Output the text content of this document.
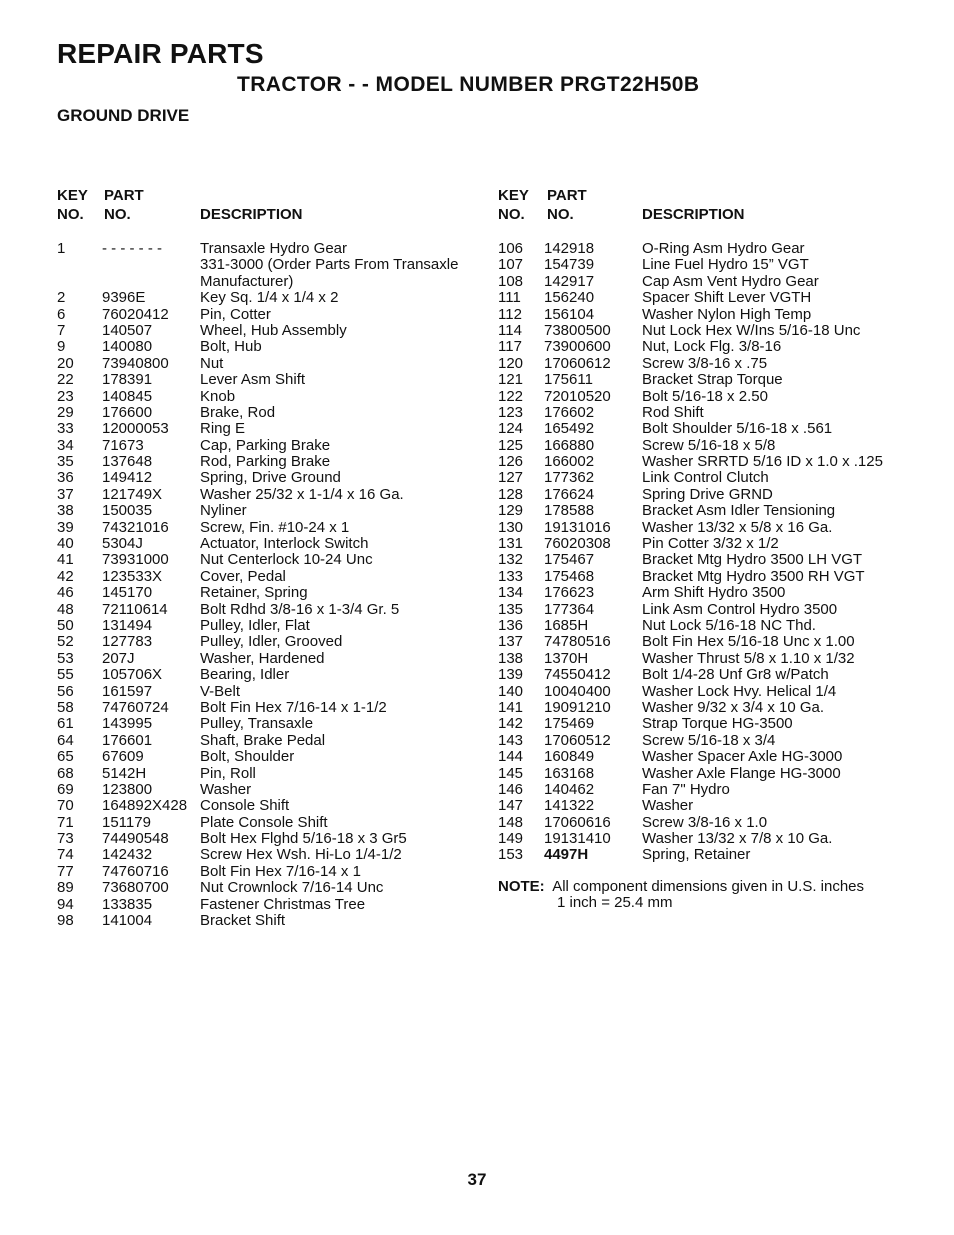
REPAIR PARTS
TRACTOR - - MODEL NUMBER PRGT22H50B
GROUND DRIVE
KEY
NO.
PART
NO.	DESCRIPTION
1 - - - - - - -	Transaxle Hydro Gear
331-3000 (Order Parts From Transaxle
Manufacturer)
2 9396E	Key Sq. 1/4 x 1/4 x 2
6 76020412 Pin, Cotter
7 140507	Wheel, Hub Assembly
9 140080	Bolt, Hub
20 73940800 Nut
22 178391	Lever Asm Shift
23 140845	Knob
29 176600	Brake, Rod
33 12000053 Ring E
34 71673	Cap, Parking Brake
35 137648	Rod, Parking Brake
36 149412	Spring, Drive Ground
37 121749X	Washer 25/32 x 1-1/4 x 16 Ga.
38 150035	Nyliner
39 74321016 Screw, Fin. #10-24 x 1
40 5304J	Actuator, Interlock Switch
41 73931000 Nut Centerlock 10-24 Unc
42 123533X	Cover, Pedal
46 145170	Retainer, Spring
48 72110614 Bolt Rdhd 3/8-16 x 1-3/4 Gr. 5
50 131494	Pulley, Idler, Flat
52 127783	Pulley, Idler, Grooved
53 207J	Washer, Hardened
55 105706X	Bearing, Idler
56 161597	V-Belt
58 74760724 Bolt Fin Hex 7/16-14 x 1-1/2
61 143995	Pulley, Transaxle
64 176601	Shaft, Brake Pedal
65 67609	Bolt, Shoulder
68 5142H	Pin, Roll
69 123800	Washer
70 164892X428 Console Shift
71 151179	Plate Console Shift
73 74490548 Bolt Hex Flghd 5/16-18 x 3 Gr5
74 142432	Screw Hex Wsh. Hi-Lo 1/4-1/2
77 74760716 Bolt Fin Hex 7/16-14 x 1
89 73680700 Nut Crownlock 7/16-14 Unc
94 133835	Fastener Christmas Tree
98 141004	Bracket Shift
KEY
NO.
PART
NO.	DESCRIPTION
106 142918	O-Ring Asm Hydro Gear
107 154739	Line Fuel Hydro 15” VGT
108 142917	Cap Asm Vent Hydro Gear
111 156240	Spacer Shift Lever VGTH
112 156104	Washer Nylon High Temp
114 73800500 Nut Lock Hex W/Ins 5/16-18 Unc
117 73900600 Nut, Lock Flg. 3/8-16
120 17060612 Screw 3/8-16 x .75
121 175611	Bracket Strap Torque
122 72010520 Bolt 5/16-18 x 2.50
123 176602	Rod Shift
124 165492	Bolt Shoulder 5/16-18 x .561
125 166880	Screw 5/16-18 x 5/8
126 166002	Washer SRRTD 5/16 ID x 1.0 x .125
127 177362	Link Control Clutch
128 176624	Spring Drive GRND
129 178588	Bracket Asm Idler Tensioning
130 19131016 Washer 13/32 x 5/8 x 16 Ga.
131 76020308 Pin Cotter 3/32 x 1/2
132 175467	Bracket Mtg Hydro 3500 LH VGT
133 175468	Bracket Mtg Hydro 3500 RH VGT
134 176623	Arm Shift Hydro 3500
135 177364	Link Asm Control Hydro 3500
136 1685H	Nut Lock 5/16-18 NC Thd.
137 74780516 Bolt Fin Hex 5/16-18 Unc x 1.00
138 1370H	Washer Thrust 5/8 x 1.10 x 1/32
139 74550412 Bolt 1/4-28 Unf Gr8 w/Patch
140 10040400 Washer Lock Hvy. Helical 1/4
141 19091210 Washer 9/32 x 3/4 x 10 Ga.
142 175469	Strap Torque HG-3500
143 17060512 Screw 5/16-18 x 3/4
144 160849	Washer Spacer Axle HG-3000
145 163168	Washer Axle Flange HG-3000
146 140462	Fan 7" Hydro
147 141322	Washer
148 17060616 Screw 3/8-16 x 1.0
149 19131410 Washer 13/32 x 7/8 x 10 Ga.
153 4497H	Spring, Retainer
NOTE: All component dimensions given in U.S. inches
1 inch = 25.4 mm
37
